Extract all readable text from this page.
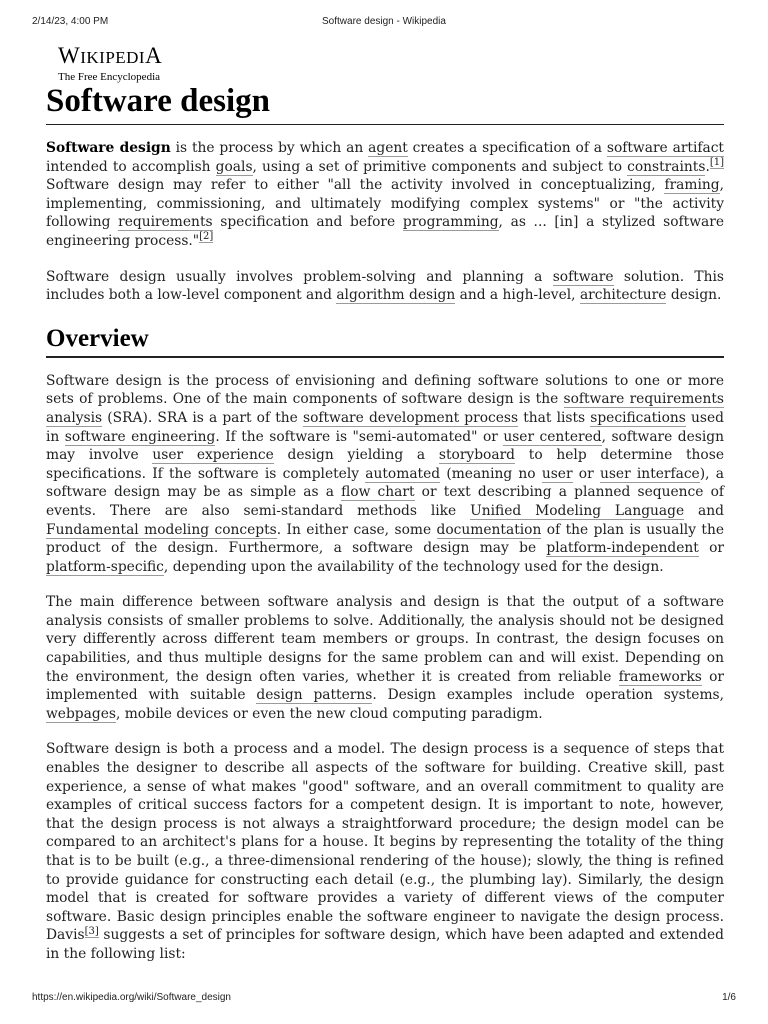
2/14/23, 4:00 PM	Software design - Wikipedia
WIKIPEDIA
The Free Encyclopedia
Software design

Software design is the process by which an agent creates a specification of a software artifact intended to accomplish goals, using a set of primitive components and subject to constraints.[1] Software design may refer to either "all the activity involved in conceptualizing, framing, implementing, commissioning, and ultimately modifying complex systems" or "the activity following requirements specification and before programming, as ... [in] a stylized software engineering process."[2]

Software design usually involves problem-solving and planning a software solution. This includes both a low-level component and algorithm design and a high-level, architecture design.

Overview

Software design is the process of envisioning and defining software solutions to one or more sets of problems. One of the main components of software design is the software requirements analysis (SRA). SRA is a part of the software development process that lists specifications used in software engineering. If the software is "semi-automated" or user centered, software design may involve user experience design yielding a storyboard to help determine those specifications. If the software is completely automated (meaning no user or user interface), a software design may be as simple as a flow chart or text describing a planned sequence of events. There are also semi-standard methods like Unified Modeling Language and Fundamental modeling concepts. In either case, some documentation of the plan is usually the product of the design. Furthermore, a software design may be platform-independent or platform-specific, depending upon the availability of the technology used for the design.

The main difference between software analysis and design is that the output of a software analysis consists of smaller problems to solve. Additionally, the analysis should not be designed very differently across different team members or groups. In contrast, the design focuses on capabilities, and thus multiple designs for the same problem can and will exist. Depending on the environment, the design often varies, whether it is created from reliable frameworks or implemented with suitable design patterns. Design examples include operation systems, webpages, mobile devices or even the new cloud computing paradigm.

Software design is both a process and a model. The design process is a sequence of steps that enables the designer to describe all aspects of the software for building. Creative skill, past experience, a sense of what makes "good" software, and an overall commitment to quality are examples of critical success factors for a competent design. It is important to note, however, that the design process is not always a straightforward procedure; the design model can be compared to an architect's plans for a house. It begins by representing the totality of the thing that is to be built (e.g., a three-dimensional rendering of the house); slowly, the thing is refined to provide guidance for constructing each detail (e.g., the plumbing lay). Similarly, the design model that is created for software provides a variety of different views of the computer software. Basic design principles enable the software engineer to navigate the design process. Davis[3] suggests a set of principles for software design, which have been adapted and extended in the following list:

https://en.wikipedia.org/wiki/Software_design	1/6
